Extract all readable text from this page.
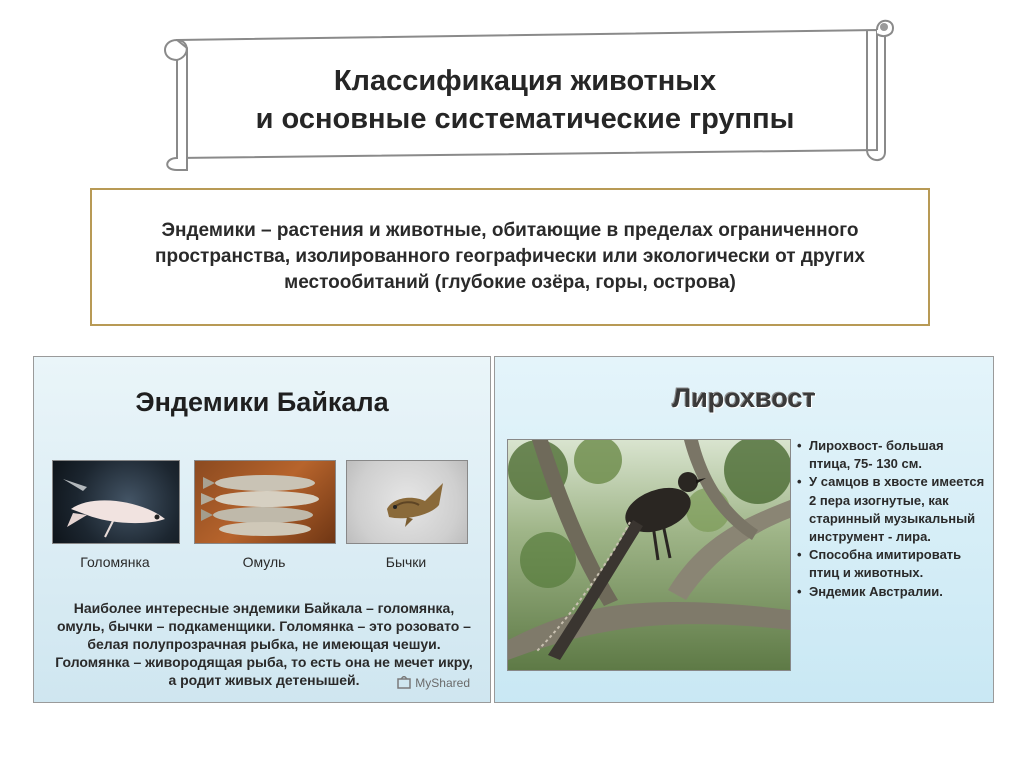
Классификация животных
и основные систематические группы
Эндемики – растения и животные, обитающие в пределах ограниченного пространства, изолированного географически или экологически от других местообитаний (глубокие озёра, горы, острова)
Эндемики Байкала
Голомянка	Омуль	Бычки
Наиболее интересные эндемики Байкала – голомянка, омуль, бычки – подкаменщики. Голомянка – это розовато – белая полупрозрачная рыбка, не имеющая чешуи. Голомянка – живородящая рыба, то есть она не мечет икру, а родит живых детенышей.	MyShared
Лирохвост
• Лирохвост- большая птица, 75- 130 см.
• У самцов в хвосте имеется 2 пера изогнутые, как старинный музыкальный инструмент - лира.
• Способна имитировать птиц и животных.
• Эндемик Австралии.
